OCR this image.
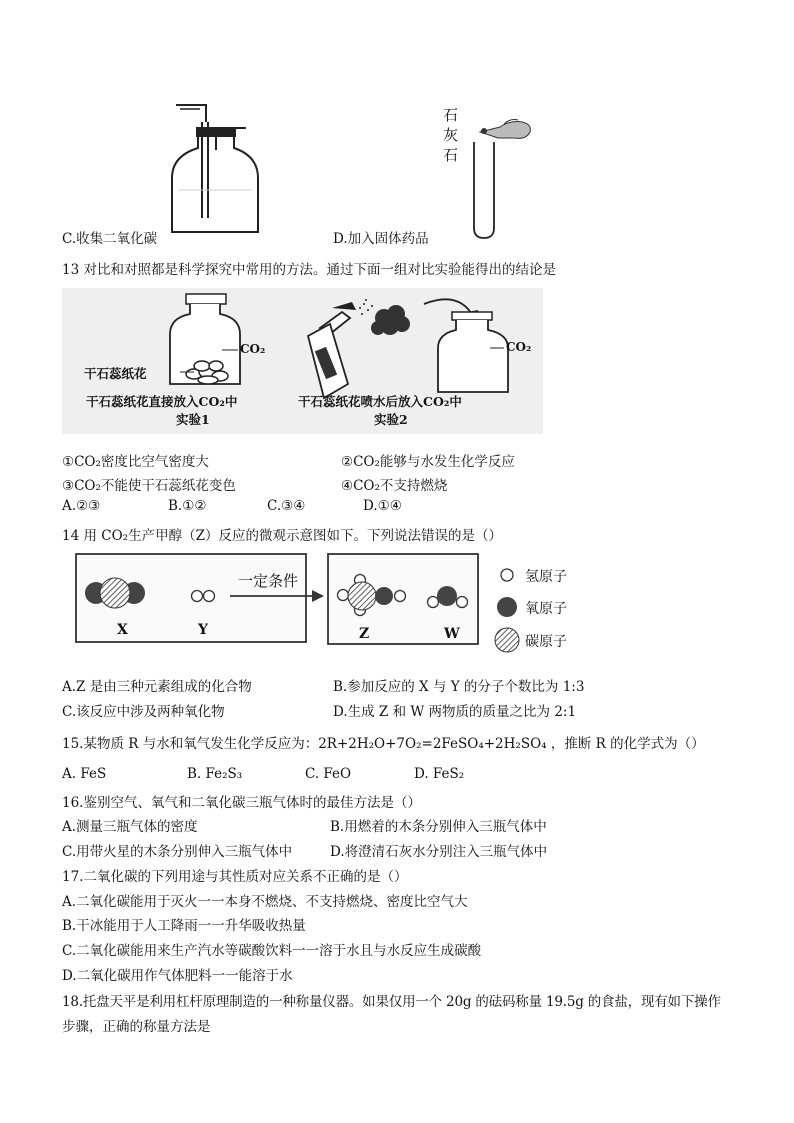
C.收集二氧化碳
石
灰
石
D.加入固体药品
13 对比和对照都是科学探究中常用的方法。通过下面一组对比实验能得出的结论是
CO₂
干石蕊纸花
CO₂
干石蕊纸花直接放入CO₂中
实验1
干石蕊纸花喷水后放入CO₂中
实验2
①CO₂密度比空气密度大	②CO₂能够与水发生化学反应
③CO₂不能使干石蕊纸花变色	④CO₂不支持燃烧
A.②③	B.①②	C.③④	D.①④
14 用 CO₂生产甲醇（Z）反应的微观示意图如下。下列说法错误的是（）
一定条件
X	Y	Z	W
氢原子
氧原子
碳原子
A.Z 是由三种元素组成的化合物	B.参加反应的 X 与 Y 的分子个数比为 1:3
C.该反应中涉及两种氧化物	D.生成 Z 和 W 两物质的质量之比为 2:1
15.某物质 R 与水和氧气发生化学反应为：2R+2H₂O+7O₂=2FeSO₄+2H₂SO₄ ，推断 R 的化学式为（）
A. FeS	B. Fe₂S₃	C. FeO	D. FeS₂
16.鉴别空气、氧气和二氧化碳三瓶气体时的最佳方法是（）
A.测量三瓶气体的密度	B.用燃着的木条分别伸入三瓶气体中
C.用带火星的木条分别伸入三瓶气体中	D.将澄清石灰水分别注入三瓶气体中
17.二氧化碳的下列用途与其性质对应关系不正确的是（）
A.二氧化碳能用于灭火一一本身不燃烧、不支持燃烧、密度比空气大
B.干冰能用于人工降雨一一升华吸收热量
C.二氧化碳能用来生产汽水等碳酸饮料一一溶于水且与水反应生成碳酸
D.二氧化碳用作气体肥料一一能溶于水
18.托盘天平是利用杠杆原理制造的一种称量仪器。如果仅用一个 20g 的砝码称量 19.5g 的食盐，现有如下操作
步骤，正确的称量方法是
